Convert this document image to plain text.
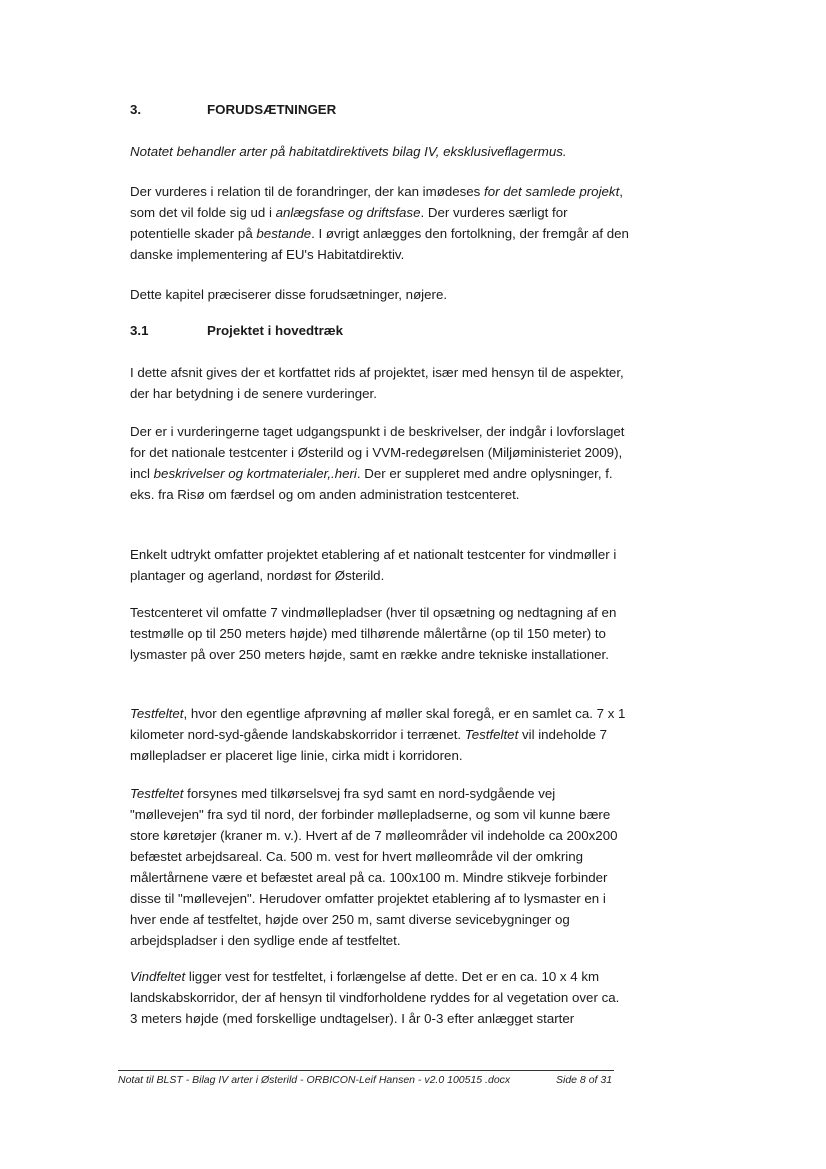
3.	FORUDSÆTNINGER

Notatet behandler arter på habitatdirektivets bilag IV, eksklusiveflagermus.

Der vurderes i relation til de forandringer, der kan imødeses for det samlede projekt, som det vil folde sig ud i anlægsfase og driftsfase. Der vurderes særligt for potentielle skader på bestande. I øvrigt anlægges den fortolkning, der fremgår af den danske implementering af EU's Habitatdirektiv.

Dette kapitel præciserer disse forudsætninger, nøjere.

3.1	Projektet i hovedtræk

I dette afsnit gives der et kortfattet rids af projektet, især med hensyn til de aspekter, der har betydning i de senere vurderinger.

Der er i vurderingerne taget udgangspunkt i de beskrivelser, der indgår i lovforslaget for det nationale testcenter i Østerild og i VVM-redegørelsen (Miljøministeriet 2009), incl beskrivelser og kortmaterialer,.heri. Der er suppleret med andre oplysninger, f. eks. fra Risø om færdsel og om anden administration testcenteret.

Enkelt udtrykt omfatter projektet etablering af et nationalt testcenter for vindmøller i plantager og agerland, nordøst for Østerild.

Testcenteret vil omfatte 7 vindmøllepladser (hver til opsætning og nedtagning af en testmølle op til 250 meters højde) med tilhørende målertårne (op til 150 meter) to lysmaster på over 250 meters højde, samt en række andre tekniske installationer.

Testfeltet, hvor den egentlige afprøvning af møller skal foregå, er en samlet ca. 7 x 1 kilometer nord-syd-gående landskabskorridor i terrænet. Testfeltet vil indeholde 7 møllepladser er placeret lige linie, cirka midt i korridoren.

Testfeltet forsynes med tilkørselsvej fra syd samt en nord-sydgående vej "møllevejen" fra syd til nord, der forbinder møllepladserne, og som vil kunne bære store køretøjer (kraner m. v.). Hvert af de 7 mølleområder vil indeholde ca 200x200 befæstet arbejdsareal. Ca. 500 m. vest for hvert mølleområde vil der omkring målertårnene være et befæstet areal på ca. 100x100 m. Mindre stikveje forbinder disse til "møllevejen". Herudover omfatter projektet etablering af to lysmaster en i hver ende af testfeltet, højde over 250 m, samt diverse sevicebygninger og arbejdspladser i den sydlige ende af testfeltet.

Vindfeltet ligger vest for testfeltet, i forlængelse af dette. Det er en ca. 10 x 4 km landskabskorridor, der af hensyn til vindforholdene ryddes for al vegetation over ca. 3 meters højde (med forskellige undtagelser). I år 0-3 efter anlægget starter

Notat til BLST - Bilag IV arter i Østerild - ORBICON-Leif Hansen - v2.0 100515 .docx	Side 8 of 31
